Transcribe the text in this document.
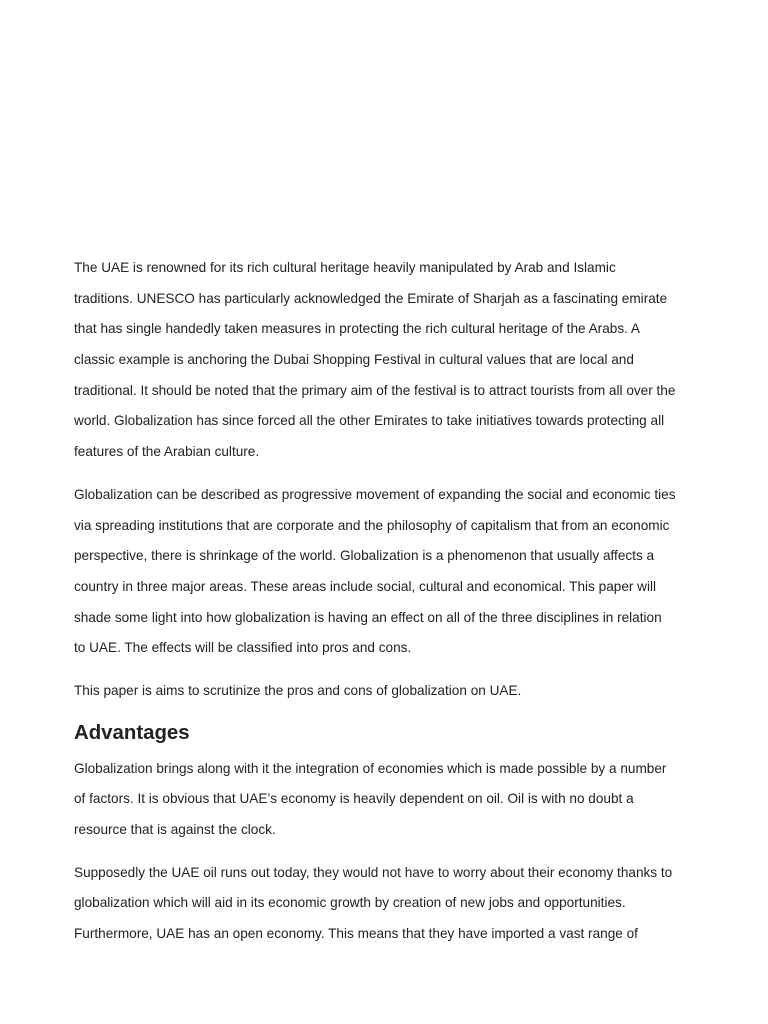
The UAE is renowned for its rich cultural heritage heavily manipulated by Arab and Islamic
traditions. UNESCO has particularly acknowledged the Emirate of Sharjah as a fascinating emirate
that has single handedly taken measures in protecting the rich cultural heritage of the Arabs. A
classic example is anchoring the Dubai Shopping Festival in cultural values that are local and
traditional. It should be noted that the primary aim of the festival is to attract tourists from all over the
world. Globalization has since forced all the other Emirates to take initiatives towards protecting all
features of the Arabian culture.

Globalization can be described as progressive movement of expanding the social and economic ties
via spreading institutions that are corporate and the philosophy of capitalism that from an economic
perspective, there is shrinkage of the world. Globalization is a phenomenon that usually affects a
country in three major areas. These areas include social, cultural and economical. This paper will
shade some light into how globalization is having an effect on all of the three disciplines in relation
to UAE. The effects will be classified into pros and cons.

This paper is aims to scrutinize the pros and cons of globalization on UAE.

Advantages

Globalization brings along with it the integration of economies which is made possible by a number
of factors. It is obvious that UAE’s economy is heavily dependent on oil. Oil is with no doubt a
resource that is against the clock.

Supposedly the UAE oil runs out today, they would not have to worry about their economy thanks to
globalization which will aid in its economic growth by creation of new jobs and opportunities.
Furthermore, UAE has an open economy. This means that they have imported a vast range of
